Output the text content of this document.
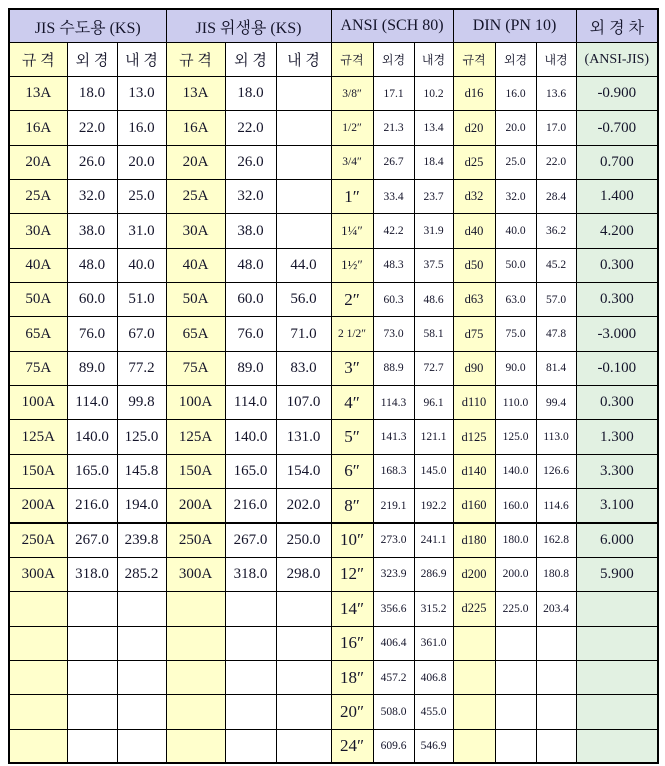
JIS 수도용 (KS)			JIS 위생용 (KS)			ANSI (SCH 80)			DIN (PN 10)			외 경 차
규 격	외 경	내 경	규 격	외 경	내 경	규격	외경	내경	규격	외경	내경	(ANSI-JIS)
13A	18.0	13.0	13A	18.0		3/8″	17.1	10.2	d16	16.0	13.6	-0.900
16A	22.0	16.0	16A	22.0		1/2″	21.3	13.4	d20	20.0	17.0	-0.700
20A	26.0	20.0	20A	26.0		3/4″	26.7	18.4	d25	25.0	22.0	0.700
25A	32.0	25.0	25A	32.0		1″	33.4	23.7	d32	32.0	28.4	1.400
30A	38.0	31.0	30A	38.0		1¼″	42.2	31.9	d40	40.0	36.2	4.200
40A	48.0	40.0	40A	48.0	44.0	1½″	48.3	37.5	d50	50.0	45.2	0.300
50A	60.0	51.0	50A	60.0	56.0	2″	60.3	48.6	d63	63.0	57.0	0.300
65A	76.0	67.0	65A	76.0	71.0	2 1/2″	73.0	58.1	d75	75.0	47.8	-3.000
75A	89.0	77.2	75A	89.0	83.0	3″	88.9	72.7	d90	90.0	81.4	-0.100
100A	114.0	99.8	100A	114.0	107.0	4″	114.3	96.1	d110	110.0	99.4	0.300
125A	140.0	125.0	125A	140.0	131.0	5″	141.3	121.1	d125	125.0	113.0	1.300
150A	165.0	145.8	150A	165.0	154.0	6″	168.3	145.0	d140	140.0	126.6	3.300
200A	216.0	194.0	200A	216.0	202.0	8″	219.1	192.2	d160	160.0	114.6	3.100
250A	267.0	239.8	250A	267.0	250.0	10″	273.0	241.1	d180	180.0	162.8	6.000
300A	318.0	285.2	300A	318.0	298.0	12″	323.9	286.9	d200	200.0	180.8	5.900
						14″	356.6	315.2	d225	225.0	203.4	
						16″	406.4	361.0				
						18″	457.2	406.8				
						20″	508.0	455.0				
						24″	609.6	546.9				
